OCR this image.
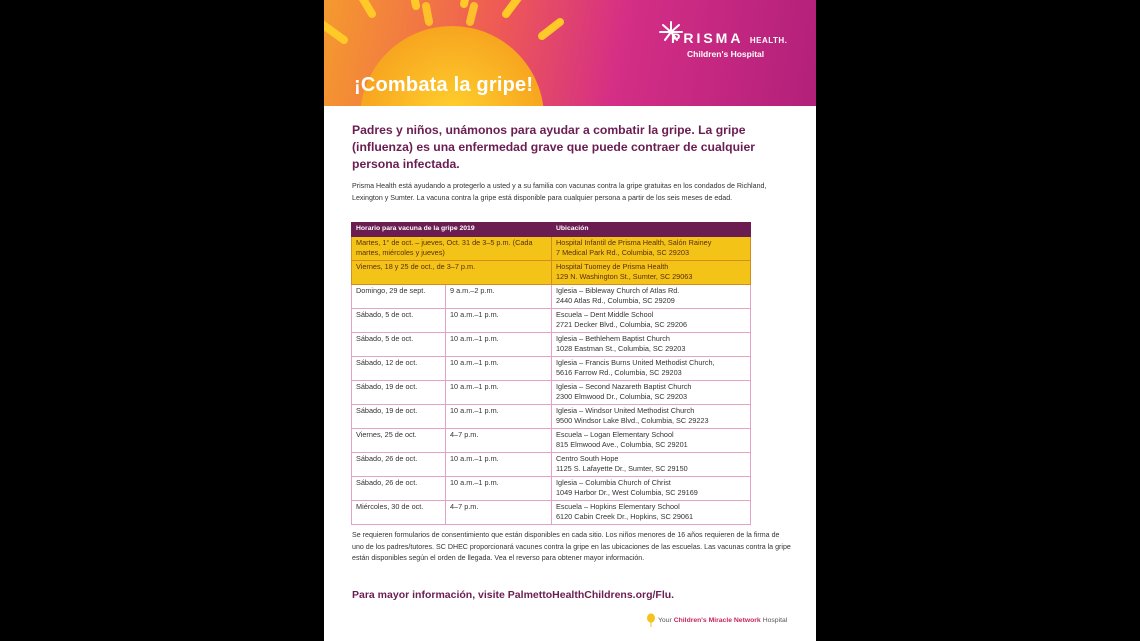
¡Combata la gripe!
PRISMA HEALTH.
Children's Hospital
Padres y niños, unámonos para ayudar a combatir la gripe. La gripe (influenza) es una enfermedad grave que puede contraer de cualquier persona infectada.
Prisma Health está ayudando a protegerlo a usted y a su familia con vacunas contra la gripe gratuitas en los condados de Richland, Lexington y Sumter. La vacuna contra la gripe está disponible para cualquier persona a partir de los seis meses de edad.
Horario para vacuna de la gripe 2019		Ubicación
Martes, 1° de oct. – jueves, Oct. 31 de 3–5 p.m. (Cada martes, miércoles y jueves)		Hospital Infantil de Prisma Health, Salón Rainey
7 Medical Park Rd., Columbia, SC 29203

Viernes, 18 y 25 de oct., de 3–7 p.m.		Hospital Tuomey de Prisma Health
129 N. Washington St., Sumter, SC 29063

Domingo, 29 de sept.	9 a.m.–2 p.m.	Iglesia – Bibleway Church of Atlas Rd.
2440 Atlas Rd., Columbia, SC 29209

Sábado, 5 de oct.	10 a.m.–1 p.m.	Escuela – Dent Middle School
2721 Decker Blvd., Columbia, SC 29206

Sábado, 5 de oct.	10 a.m.–1 p.m.	Iglesia – Bethlehem Baptist Church
1028 Eastman St., Columbia, SC 29203

Sábado, 12 de oct.	10 a.m.–1 p.m.	Iglesia – Francis Burns United Methodist Church,
5616 Farrow Rd., Columbia, SC 29203

Sábado, 19 de oct.	10 a.m.–1 p.m.	Iglesia – Second Nazareth Baptist Church
2300 Elmwood Dr., Columbia, SC 29203

Sábado, 19 de oct.	10 a.m.–1 p.m.	Iglesia – Windsor United Methodist Church
9500 Windsor Lake Blvd., Columbia, SC 29223

Viernes, 25 de oct.	4–7 p.m.	Escuela – Logan Elementary School
815 Elmwood Ave., Columbia, SC 29201

Sábado, 26 de oct.	10 a.m.–1 p.m.	Centro South Hope
1125 S. Lafayette Dr., Sumter, SC 29150

Sábado, 26 de oct.	10 a.m.–1 p.m.	Iglesia – Columbia Church of Christ
1049 Harbor Dr., West Columbia, SC 29169

Miércoles, 30 de oct.	4–7 p.m.	Escuela – Hopkins Elementary School
6120 Cabin Creek Dr., Hopkins, SC 29061
Se requieren formularios de consentimiento que están disponibles en cada sitio. Los niños menores de 16 años requieren de la firma de uno de los padres/tutores. SC DHEC proporcionará vacunes contra la gripe en las ubicaciones de las escuelas. Las vacunas contra la gripe están disponibles según el orden de llegada. Vea el reverso para obtener mayor información.
Para mayor información, visite PalmettoHealthChildrens.org/Flu.
Your Children's Miracle Network Hospital
